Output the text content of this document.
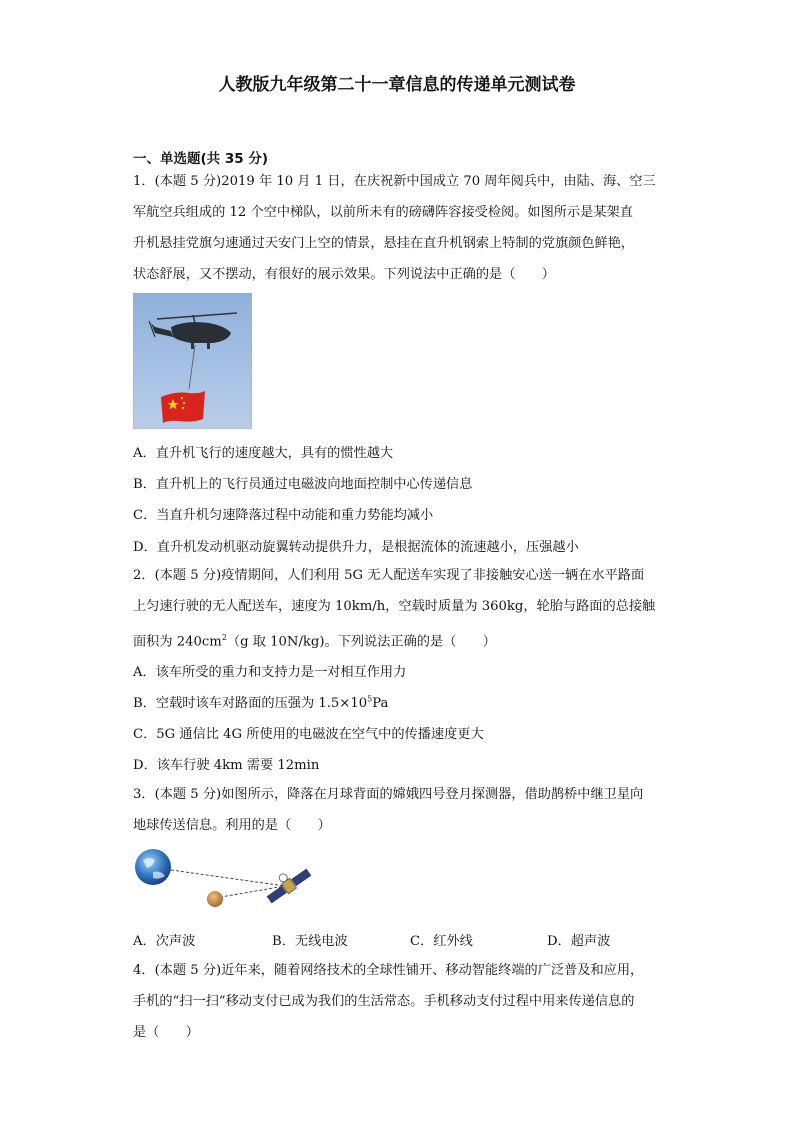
人教版九年级第二十一章信息的传递单元测试卷
一、单选题(共 35 分)
1．(本题 5 分)2019 年 10 月 1 日，在庆祝新中国成立 70 周年阅兵中，由陆、海、空三
军航空兵组成的 12 个空中梯队，以前所未有的磅礴阵容接受检阅。如图所示是某架直
升机悬挂党旗匀速通过天安门上空的情景，悬挂在直升机钢索上特制的党旗颜色鲜艳，
状态舒展，又不摆动，有很好的展示效果。下列说法中正确的是（　　）
A．直升机飞行的速度越大，具有的惯性越大
B．直升机上的飞行员通过电磁波向地面控制中心传递信息
C．当直升机匀速降落过程中动能和重力势能均减小
D．直升机发动机驱动旋翼转动提供升力，是根据流体的流速越小，压强越小
2．(本题 5 分)疫情期间，人们利用 5G 无人配送车实现了非接触安心送一辆在水平路面
上匀速行驶的无人配送车，速度为 10km/h，空载时质量为 360kg，轮胎与路面的总接触
面积为 $240cm^2(g$ 取 10N/kg)。下列说法正确的是（　　）
A．该车所受的重力和支持力是一对相互作用力
B．空载时该车对路面的压强为 $1.5\times 10^5Pa$
C．5G 通信比 4G 所使用的电磁波在空气中的传播速度更大
D．该车行驶 4km 需要 12min
3．(本题 5 分)如图所示，降落在月球背面的嫦娥四号登月探测器，借助鹊桥中继卫星向
地球传送信息。利用的是（　　）
A．次声波	B．无线电波	C．红外线	D．超声波
4．(本题 5 分)近年来，随着网络技术的全球性铺开、移动智能终端的广泛普及和应用，
手机的“扫一扫”移动支付已成为我们的生活常态。手机移动支付过程中用来传递信息的
是（　　）
